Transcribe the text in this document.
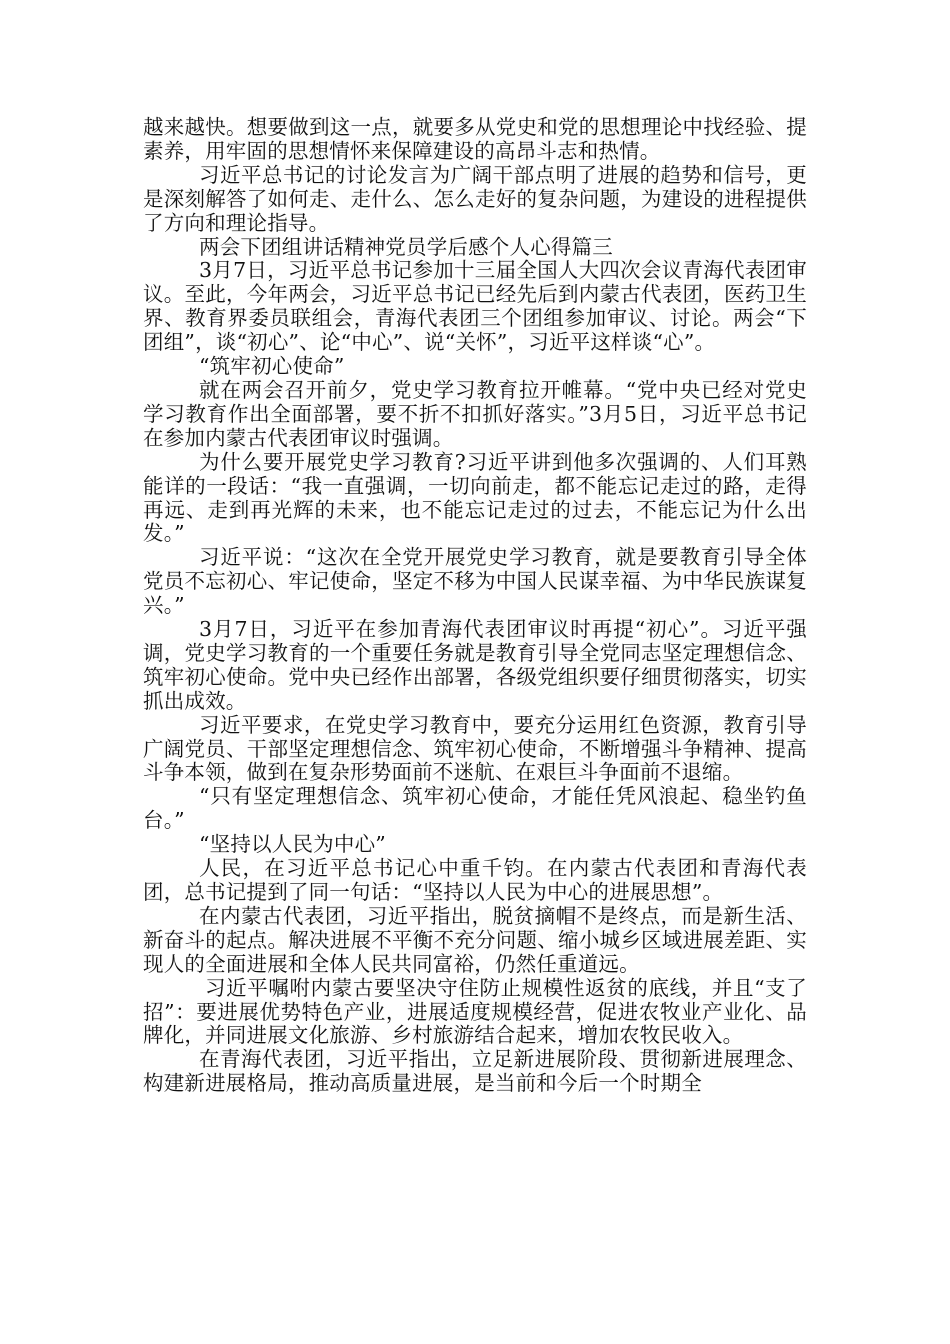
越来越快。想要做到这一点，就要多从党史和党的思想理论中找经验、提素养，用牢固的思想情怀来保障建设的高昂斗志和热情。

习近平总书记的讨论发言为广阔干部点明了进展的趋势和信号，更是深刻解答了如何走、走什么、怎么走好的复杂问题，为建设的进程提供了方向和理论指导。

两会下团组讲话精神党员学后感个人心得篇三

3月7日，习近平总书记参加十三届全国人大四次会议青海代表团审议。至此，今年两会，习近平总书记已经先后到内蒙古代表团，医药卫生界、教育界委员联组会，青海代表团三个团组参加审议、讨论。两会“下团组”，谈“初心”、论“中心”、说“关怀”，习近平这样谈“心”。

“筑牢初心使命”

就在两会召开前夕，党史学习教育拉开帷幕。“党中央已经对党史学习教育作出全面部署，要不折不扣抓好落实。”3月5日，习近平总书记在参加内蒙古代表团审议时强调。

为什么要开展党史学习教育?习近平讲到他多次强调的、人们耳熟能详的一段话：“我一直强调，一切向前走，都不能忘记走过的路，走得再远、走到再光辉的未来，也不能忘记走过的过去，不能忘记为什么出发。”

习近平说：“这次在全党开展党史学习教育，就是要教育引导全体党员不忘初心、牢记使命，坚定不移为中国人民谋幸福、为中华民族谋复兴。”

3月7日，习近平在参加青海代表团审议时再提“初心”。习近平强调，党史学习教育的一个重要任务就是教育引导全党同志坚定理想信念、筑牢初心使命。党中央已经作出部署，各级党组织要仔细贯彻落实，切实抓出成效。

习近平要求，在党史学习教育中，要充分运用红色资源，教育引导广阔党员、干部坚定理想信念、筑牢初心使命，不断增强斗争精神、提高斗争本领，做到在复杂形势面前不迷航、在艰巨斗争面前不退缩。

“只有坚定理想信念、筑牢初心使命，才能任凭风浪起、稳坐钓鱼台。”

“坚持以人民为中心”

人民，在习近平总书记心中重千钧。在内蒙古代表团和青海代表团，总书记提到了同一句话：“坚持以人民为中心的进展思想”。

在内蒙古代表团，习近平指出，脱贫摘帽不是终点，而是新生活、新奋斗的起点。解决进展不平衡不充分问题、缩小城乡区域进展差距、实现人的全面进展和全体人民共同富裕，仍然任重道远。

习近平嘱咐内蒙古要坚决守住防止规模性返贫的底线，并且“支了招”：要进展优势特色产业，进展适度规模经营，促进农牧业产业化、品牌化，并同进展文化旅游、乡村旅游结合起来，增加农牧民收入。

在青海代表团，习近平指出，立足新进展阶段、贯彻新进展理念、构建新进展格局，推动高质量进展，是当前和今后一个时期全
